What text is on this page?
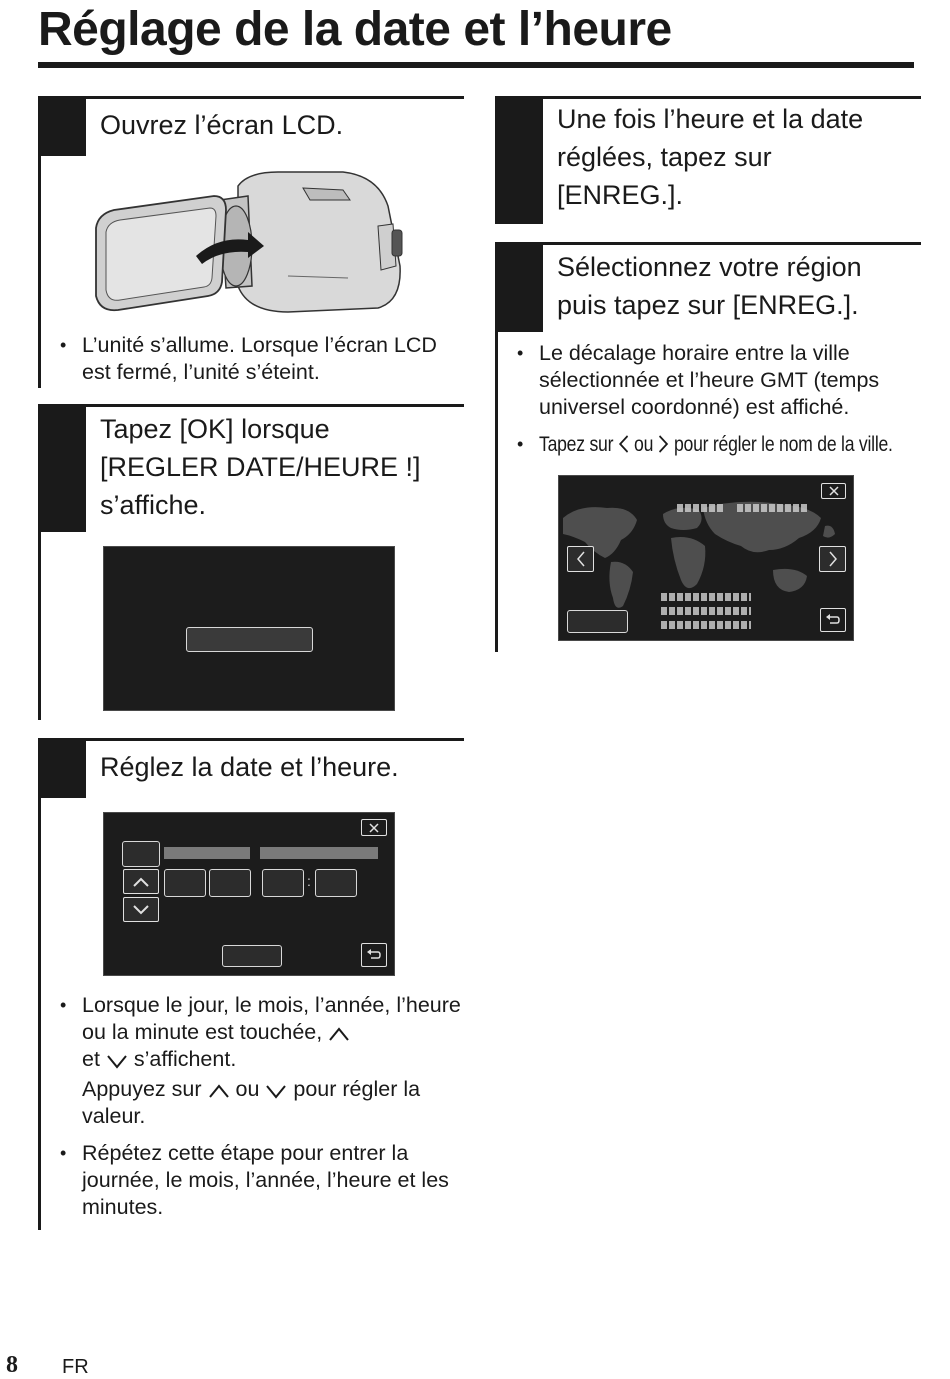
Réglage de la date et l’heure
Ouvrez l’écran LCD.
• L’unité s’allume. Lorsque l’écran LCD est fermé, l’unité s’éteint.
Tapez [OK] lorsque
[REGLER DATE/HEURE !]
s’affiche.
Réglez la date et l’heure.
:
• Lorsque le jour, le mois, l’année, l’heure ou la minute est touchée,
et s’affichent.
Appuyez sur ou pour régler la valeur.
• Répétez cette étape pour entrer la journée, le mois, l’année, l’heure et les minutes.
Une fois l’heure et la date
réglées, tapez sur
[ENREG.].
Sélectionnez votre région
puis tapez sur [ENREG.].
• Le décalage horaire entre la ville sélectionnée et l’heure GMT (temps universel coordonné) est affiché.
• Tapez sur ou pour régler le nom de la ville.
8 FR
